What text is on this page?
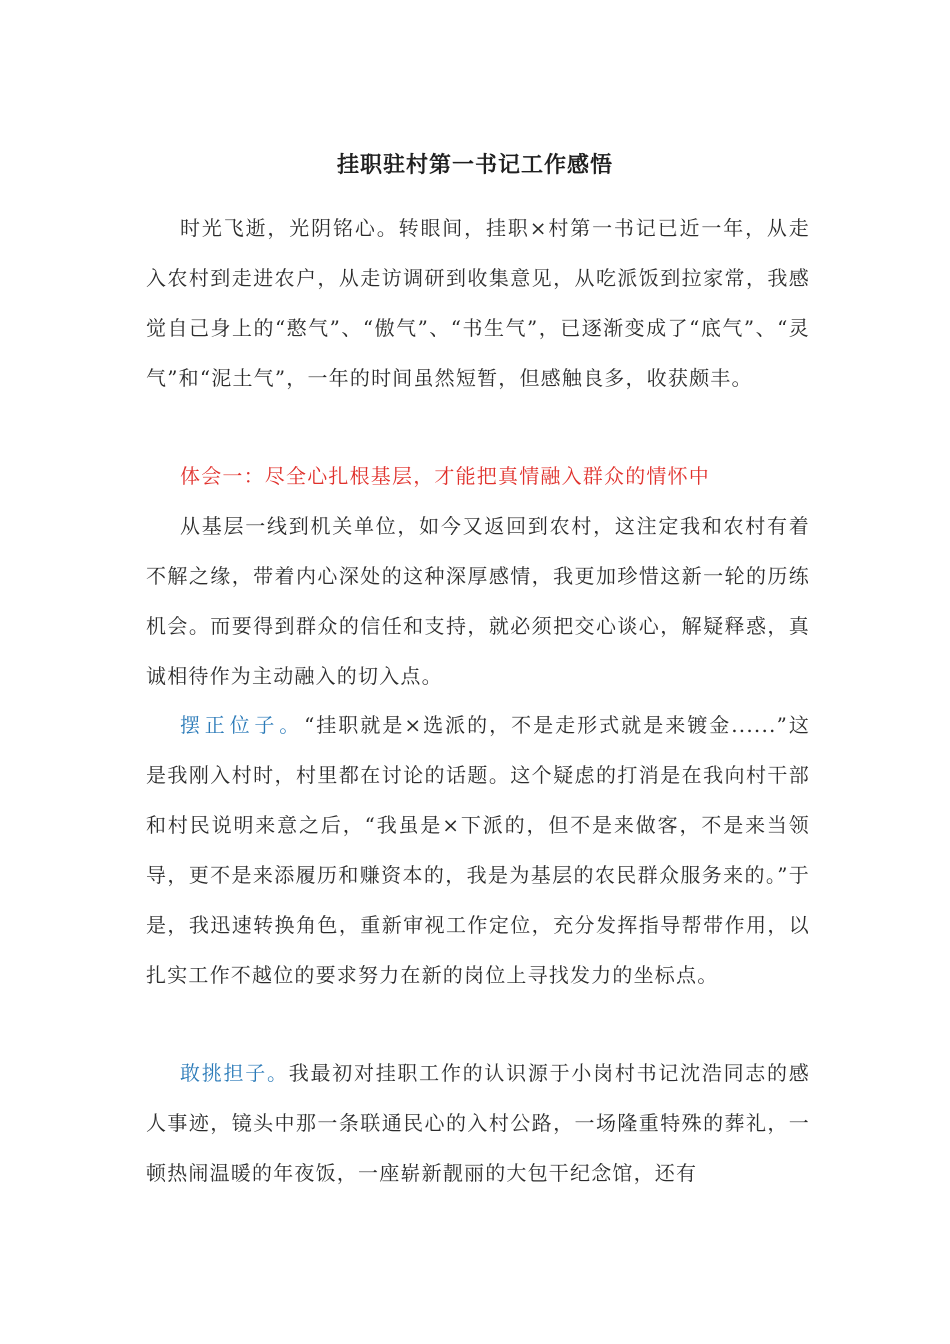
挂职驻村第一书记工作感悟
时光飞逝，光阴铭心。转眼间，挂职×村第一书记已近一年，从走入农村到走进农户，从走访调研到收集意见，从吃派饭到拉家常，我感觉自己身上的“憨气”、“傲气”、“书生气”，已逐渐变成了“底气”、“灵气”和“泥土气”，一年的时间虽然短暂，但感触良多，收获颇丰。
体会一：尽全心扎根基层，才能把真情融入群众的情怀中
从基层一线到机关单位，如今又返回到农村，这注定我和农村有着不解之缘，带着内心深处的这种深厚感情，我更加珍惜这新一轮的历练机会。而要得到群众的信任和支持，就必须把交心谈心，解疑释惑，真诚相待作为主动融入的切入点。
摆正位子。“挂职就是×选派的，不是走形式就是来镀金......”这是我刚入村时，村里都在讨论的话题。这个疑虑的打消是在我向村干部和村民说明来意之后，“我虽是×下派的，但不是来做客，不是来当领导，更不是来添履历和赚资本的，我是为基层的农民群众服务来的。”于是，我迅速转换角色，重新审视工作定位，充分发挥指导帮带作用，以扎实工作不越位的要求努力在新的岗位上寻找发力的坐标点。
敢挑担子。我最初对挂职工作的认识源于小岗村书记沈浩同志的感人事迹，镜头中那一条联通民心的入村公路，一场隆重特殊的葬礼，一顿热闹温暖的年夜饭，一座崭新靓丽的大包干纪念馆，还有
